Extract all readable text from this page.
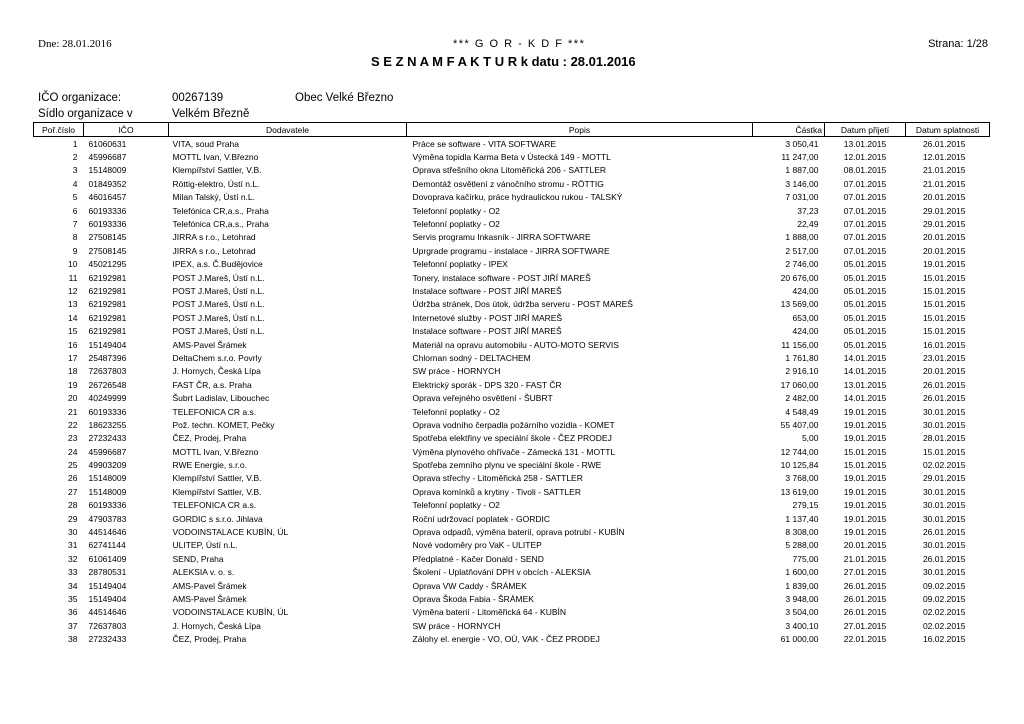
Dne: 28.01.2016	*** G O R - K D F ***	Strana: 1/28
S E Z N A M F A K T U R k datu : 28.01.2016
IČO organizace:	00267139	Obec Velké Březno
Sídlo organizace v	Velkém Březně
Poř.číslo	IČO	Dodavatele	Popis	Částka	Datum přijetí	Datum splatnosti
1	61060631	VITA, soud Praha	Práce se software - VITA SOFTWARE	3 050,41	13.01.2015	26.01.2015
2	45996687	MOTTL Ivan, V.Březno	Výměna topidla Karma Beta v Ústecká 149 - MOTTL	11 247,00	12.01.2015	12.01.2015
3	15148009	Klempířství Sattler, V.B.	Oprava střešního okna Litoměřická 206 - SATTLER	1 887,00	08.01.2015	21.01.2015
4	01849352	Röttig-elektro, Ústí n.L.	Demontáž osvětlení z vánočního stromu - RÖTTIG	3 146,00	07.01.2015	21.01.2015
5	46016457	Milan Talský, Ústí n.L.	Dovoprava kačírku, práce hydraulickou rukou - TALSKÝ	7 031,00	07.01.2015	20.01.2015
6	60193336	Telefónica CR,a.s., Praha	Telefonní poplatky - O2	37,23	07.01.2015	29.01.2015
7	60193336	Telefónica CR,a.s., Praha	Telefonní poplatky - O2	22,49	07.01.2015	29.01.2015
8	27508145	JIRRA s r.o., Letohrad	Servis programu Inkasník - JIRRA SOFTWARE	1 888,00	07.01.2015	20.01.2015
9	27508145	JIRRA s r.o., Letohrad	Uprgrade programu - instalace - JIRRA SOFTWARE	2 517,00	07.01.2015	20.01.2015
10	45021295	IPEX, a.s. Č.Budějovice	Telefonní poplatky - IPEX	2 746,00	05.01.2015	19.01.2015
11	62192981	POST J.Mareš, Ústí n.L.	Tonery, instalace software - POST JIŘÍ MAREŠ	20 676,00	05.01.2015	15.01.2015
12	62192981	POST J.Mareš, Ústí n.L.	Instalace software - POST JIŘÍ MAREŠ	424,00	05.01.2015	15.01.2015
13	62192981	POST J.Mareš, Ústí n.L.	Údržba stránek, Dos útok, údržba serveru - POST MAREŠ	13 569,00	05.01.2015	15.01.2015
14	62192981	POST J.Mareš, Ústí n.L.	Internetové služby - POST JIŘÍ MAREŠ	653,00	05.01.2015	15.01.2015
15	62192981	POST J.Mareš, Ústí n.L.	Instalace software - POST JIŘÍ MAREŠ	424,00	05.01.2015	15.01.2015
16	15149404	AMS-Pavel Šrámek	Materiál na opravu automobilu - AUTO-MOTO SERVIS	11 156,00	05.01.2015	16.01.2015
17	25487396	DeltaChem s.r.o. Povrly	Chlornan sodný - DELTACHEM	1 761,80	14.01.2015	23.01.2015
18	72637803	J. Hornych, Česká Lípa	SW práce - HORNYCH	2 916,10	14.01.2015	20.01.2015
19	26726548	FAST ČR, a.s. Praha	Elektrický sporák - DPS 320 - FAST ČR	17 060,00	13.01.2015	26.01.2015
20	40249999	Šubrt Ladislav, Libouchec	Oprava veřejného osvětlení - ŠUBRT	2 482,00	14.01.2015	26.01.2015
21	60193336	TELEFONICA CR a.s.	Telefonní poplatky - O2	4 548,49	19.01.2015	30.01.2015
22	18623255	Pož. techn. KOMET, Pečky	Oprava vodního čerpadla požárního vozidla - KOMET	55 407,00	19.01.2015	30.01.2015
23	27232433	ČEZ, Prodej, Praha	Spotřeba elektřiny ve speciální škole - ČEZ PRODEJ	5,00	19.01.2015	28.01.2015
24	45996687	MOTTL Ivan, V.Březno	Výměna plynového ohřívače - Zámecká 131 - MOTTL	12 744,00	15.01.2015	15.01.2015
25	49903209	RWE Energie, s.r.o.	Spotřeba zemního plynu ve speciální škole - RWE	10 125,84	15.01.2015	02.02.2015
26	15148009	Klempířství Sattler, V.B.	Oprava střechy - Litoměřická 258 - SATTLER	3 768,00	19.01.2015	29.01.2015
27	15148009	Klempířství Sattler, V.B.	Oprava komínků a krytiny - Tivoli - SATTLER	13 619,00	19.01.2015	30.01.2015
28	60193336	TELEFONICA CR a.s.	Telefonní poplatky - O2	279,15	19.01.2015	30.01.2015
29	47903783	GORDIC s s.r.o. Jihlava	Roční udržovací poplatek - GORDIC	1 137,40	19.01.2015	30.01.2015
30	44514646	VODOINSTALACE KUBÍN, ÚL	Oprava odpadů, výměna baterií, oprava potrubí - KUBÍN	8 308,00	19.01.2015	26.01.2015
31	62741144	ULITEP, Ústí n.L.	Nové vodoměry pro VaK - ULITEP	5 288,00	20.01.2015	30.01.2015
32	61061409	SEND, Praha	Předplatné - Kačer Donald - SEND	775,00	21.01.2015	26.01.2015
33	28780531	ALEKSIA v. o. s.	Školení - Uplatňování DPH v obcích - ALEKSIA	1 600,00	27.01.2015	30.01.2015
34	15149404	AMS-Pavel Šrámek	Oprava VW Caddy - ŠRÁMEK	1 839,00	26.01.2015	09.02.2015
35	15149404	AMS-Pavel Šrámek	Oprava Škoda Fabia - ŠRÁMEK	3 948,00	26.01.2015	09.02.2015
36	44514646	VODOINSTALACE KUBÍN, ÚL	Výměna baterií - Litoměřická 64 - KUBÍN	3 504,00	26.01.2015	02.02.2015
37	72637803	J. Hornych, Česká Lípa	SW práce - HORNYCH	3 400,10	27.01.2015	02.02.2015
38	27232433	ČEZ, Prodej, Praha	Zálohy el. energie - VO, OÚ, VAK - ČEZ PRODEJ	61 000,00	22.01.2015	16.02.2015
